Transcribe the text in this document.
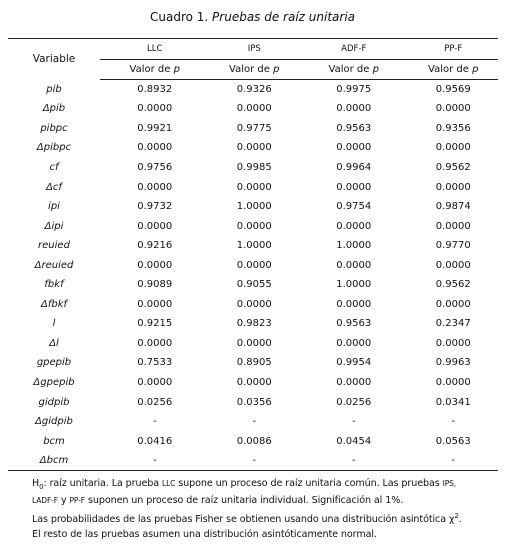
Cuadro 1. Pruebas de raíz unitaria
Variable	LLC	IPS	ADF-F	PP-F
	Valor de p	Valor de p	Valor de p	Valor de p
pib	0.8932	0.9326	0.9975	0.9569
Δpib	0.0000	0.0000	0.0000	0.0000
pibpc	0.9921	0.9775	0.9563	0.9356
Δpibpc	0.0000	0.0000	0.0000	0.0000
cf	0.9756	0.9985	0.9964	0.9562
Δcf	0.0000	0.0000	0.0000	0.0000
ipi	0.9732	1.0000	0.9754	0.9874
Δipi	0.0000	0.0000	0.0000	0.0000
reuied	0.9216	1.0000	1.0000	0.9770
Δreuied	0.0000	0.0000	0.0000	0.0000
fbkf	0.9089	0.9055	1.0000	0.9562
Δfbkf	0.0000	0.0000	0.0000	0.0000
l	0.9215	0.9823	0.9563	0.2347
Δl	0.0000	0.0000	0.0000	0.0000
gpepib	0.7533	0.8905	0.9954	0.9963
Δgpepib	0.0000	0.0000	0.0000	0.0000
gidpib	0.0256	0.0356	0.0256	0.0341
Δgidpib	-	-	-	-
bcm	0.0416	0.0086	0.0454	0.0563
Δbcm	-	-	-	-
$H_0$: raíz unitaria. La prueba LLC supone un proceso de raíz unitaria común. Las pruebas IPS,
LADF-F y PP-F suponen un proceso de raíz unitaria individual. Significación al 1%.
Las probabilidades de las pruebas Fisher se obtienen usando una distribución asintótica $\chi^2$.
El resto de las pruebas asumen una distribución asintóticamente normal.
